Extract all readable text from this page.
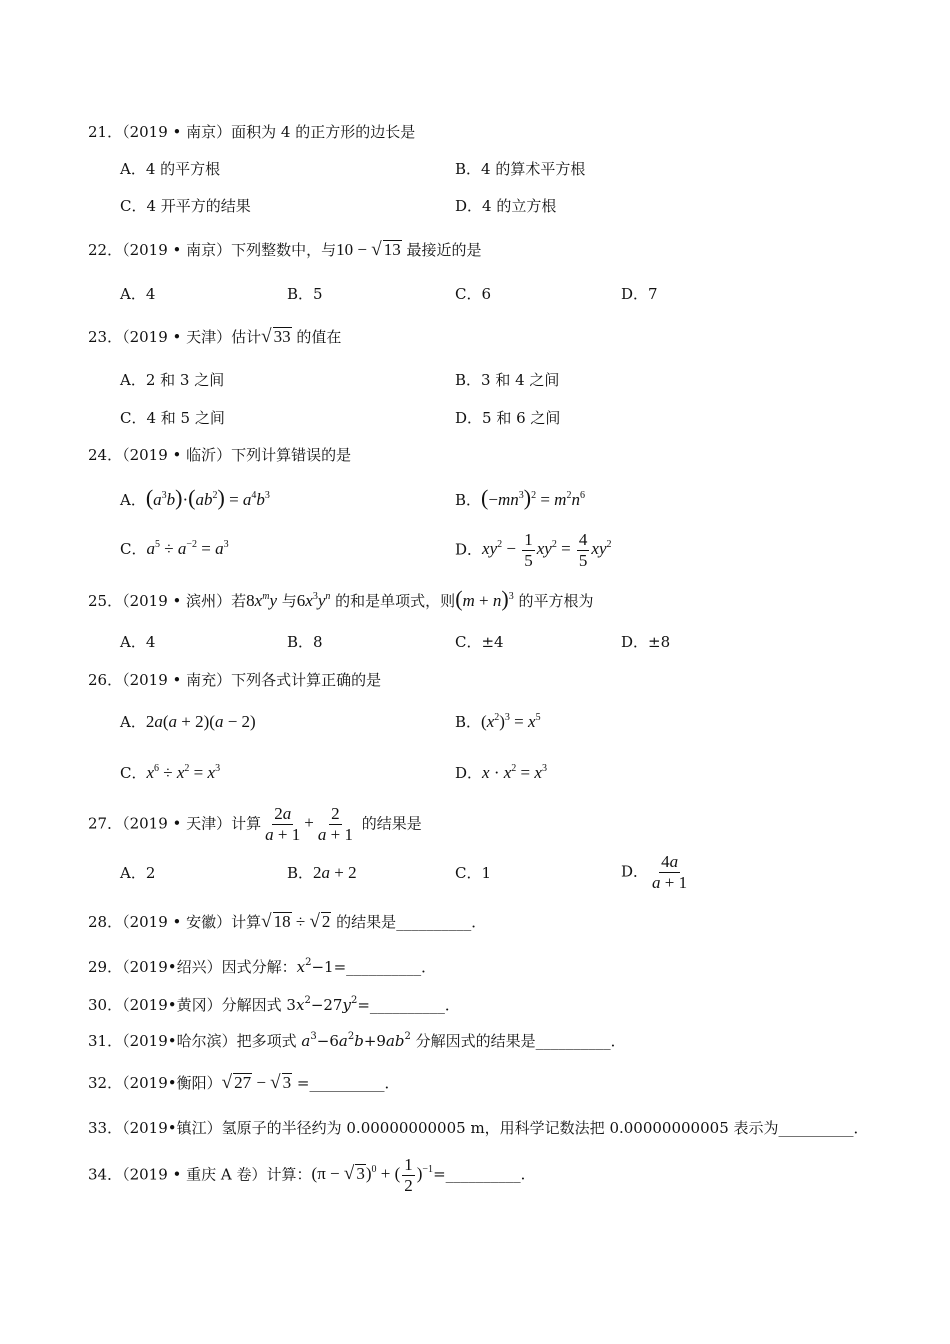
21．（2019 • 南京）面积为 4 的正方形的边长是
A．4 的平方根	B．4 的算术平方根
C．4 开平方的结果	D．4 的立方根
22．（2019 • 南京）下列整数中，与10 − √ 13 最接近的是
A．4	B．5	C．6	D．7
23．（2019 • 天津）估计√ 33 的值在
A．2 和 3 之间	B．3 和 4 之间
C．4 和 5 之间	D．5 和 6 之间
24．（2019 • 临沂）下列计算错误的是
A．$(a^3b)\cdot(ab^2) = a^4b^3$	B．$(-mn^3)^2 = m^2n^6$
C．$a^5 \div a^{-2} = a^3$	D．$xy^2 - \frac{1}{5} xy^2 = \frac{4}{5} xy^2$
25．（2019 • 滨州）若$8x^my$ 与$6x^3y^n$ 的和是单项式，则$(m + n)^3$ 的平方根为
A．4	B．8	C．±4	D．±8
26．（2019 • 南充）下列各式计算正确的是
A．2a(a + 2)(a − 2)	B．$(x^2)^3 = x^5$
C．$x^6 \div x^2 = x^3$	D．$x \cdot x^2 = x^3$
27．（2019 • 天津）计算 $\frac{2a}{a + 1} + \frac{2}{a + 1}$ 的结果是
A．2	B．2a + 2	C．1	D． $\frac{4a}{a + 1}$
28．（2019 • 安徽）计算√ 18 ÷ √ 2 的结果是__________．
29．（2019•绍兴）因式分解：$x^2-1=\_\_\_\_\_\_\_\_\_\_$．
30．（2019•黄冈）分解因式 $3x^2-27y^2=\_\_\_\_\_\_\_\_\_\_$．
31．（2019•哈尔滨）把多项式 $a^3-6a^2b+9ab^2$ 分解因式的结果是__________．
32．（2019•衡阳）√ 27 − √ 3 =__________．
33．（2019•镇江）氢原子的半径约为 0.00000000005 m，用科学记数法把 0.00000000005 表示为__________．
34．（2019 • 重庆 A 卷）计算：(π − √ 3)$^0$ + ( $\frac{1}{2}$ )$^{-1}$=__________．
